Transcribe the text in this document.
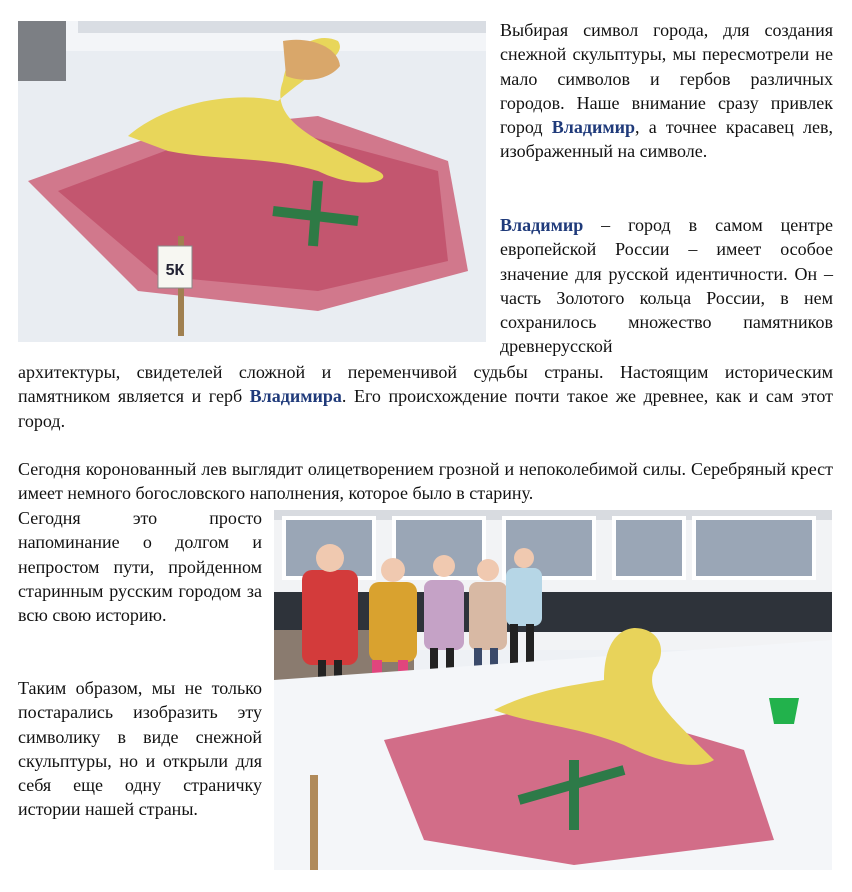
5К
Выбирая символ города, для создания снежной скульптуры, мы пересмотрели не мало символов и гербов различных городов. Наше внимание сразу привлек город Владимир, а точнее красавец лев, изображенный на символе.
Владимир – город в самом центре европейской России – имеет особое значение для русской идентичности. Он – часть Золотого кольца России, в нем сохранилось множество памятников древнерусской
архитектуры, свидетелей сложной и переменчивой судьбы страны. Настоящим историческим памятником является и герб Владимира. Его происхождение почти такое же древнее, как и сам этот город.
Сегодня коронованный лев выглядит олицетворением грозной и непоколебимой силы. Серебряный крест имеет немного богословского наполнения, которое было в старину.
Сегодня это просто напоминание о долгом и непростом пути, пройденном старинным русским городом за всю свою историю.
Таким образом, мы не только постарались изобразить эту символику в виде снежной скульптуры, но и открыли для себя еще одну страничку истории нашей страны.
